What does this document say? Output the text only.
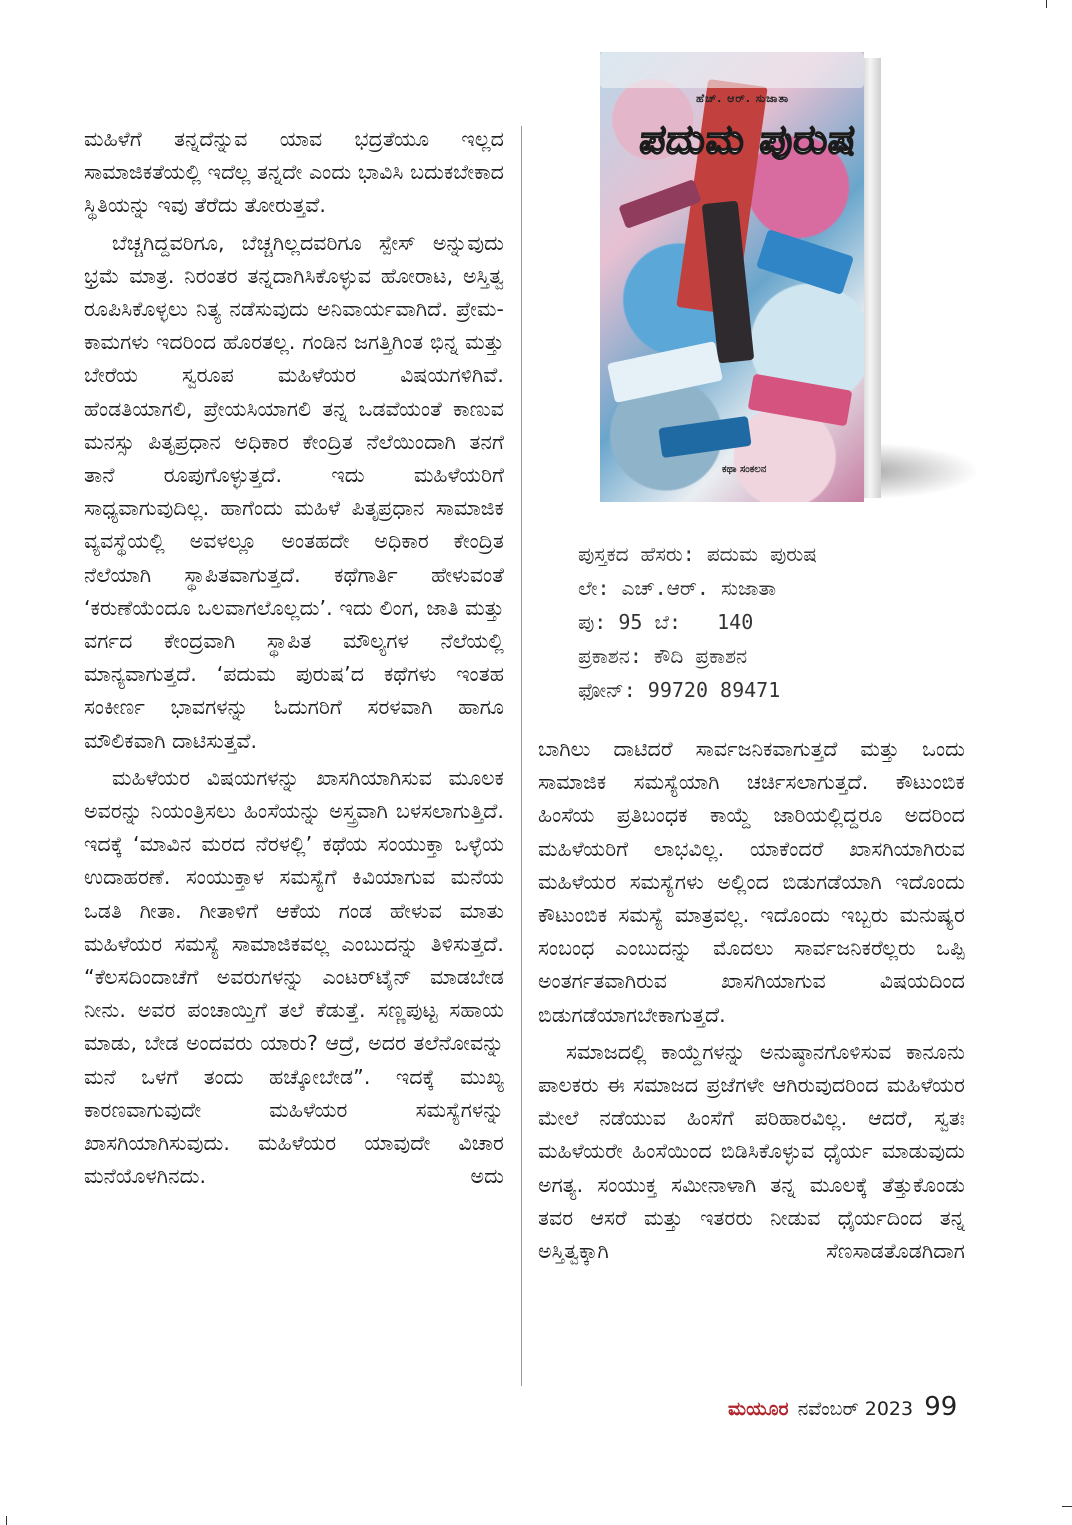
ಮಹಿಳೆಗೆ ತನ್ನದೆನ್ನುವ ಯಾವ ಭದ್ರತೆಯೂ ಇಲ್ಲದ ಸಾಮಾಜಿಕತೆಯಲ್ಲಿ ಇದೆಲ್ಲ ತನ್ನದೇ ಎಂದು ಭಾವಿಸಿ ಬದುಕಬೇಕಾದ ಸ್ಥಿತಿಯನ್ನು ಇವು ತೆರೆದು ತೋರುತ್ತವೆ.

ಬೆಚ್ಚಗಿದ್ದವರಿಗೂ, ಬೆಚ್ಚಗಿಲ್ಲದವರಿಗೂ ಸ್ಪೇಸ್ ಅನ್ನುವುದು ಭ್ರಮೆ ಮಾತ್ರ. ನಿರಂತರ ತನ್ನದಾಗಿಸಿಕೊಳ್ಳುವ ಹೋರಾಟ, ಅಸ್ತಿತ್ವ ರೂಪಿಸಿಕೊಳ್ಳಲು ನಿತ್ಯ ನಡೆಸುವುದು ಅನಿವಾರ್ಯವಾಗಿದೆ. ಪ್ರೇಮ-ಕಾಮಗಳು ಇದರಿಂದ ಹೊರತಲ್ಲ. ಗಂಡಿನ ಜಗತ್ತಿಗಿಂತ ಭಿನ್ನ ಮತ್ತು ಬೇರೆಯ ಸ್ವರೂಪ ಮಹಿಳೆಯರ ವಿಷಯಗಳಿಗಿವೆ. ಹೆಂಡತಿಯಾಗಲಿ, ಪ್ರೇಯಸಿಯಾಗಲಿ ತನ್ನ ಒಡವೆಯಂತೆ ಕಾಣುವ ಮನಸ್ಸು ಪಿತೃಪ್ರಧಾನ ಅಧಿಕಾರ ಕೇಂದ್ರಿತ ನೆಲೆಯಿಂದಾಗಿ ತನಗೆ ತಾನೆ ರೂಪುಗೊಳ್ಳುತ್ತದೆ. ಇದು ಮಹಿಳೆಯರಿಗೆ ಸಾಧ್ಯವಾಗುವುದಿಲ್ಲ. ಹಾಗೆಂದು ಮಹಿಳೆ ಪಿತೃಪ್ರಧಾನ ಸಾಮಾಜಿಕ ವ್ಯವಸ್ಥೆಯಲ್ಲಿ ಅವಳಲ್ಲೂ ಅಂತಹದೇ ಅಧಿಕಾರ ಕೇಂದ್ರಿತ ನೆಲೆಯಾಗಿ ಸ್ಥಾಪಿತವಾಗುತ್ತದೆ. ಕಥೆಗಾರ್ತಿ ಹೇಳುವಂತೆ ‘ಕರುಣೆಯೆಂದೂ ಒಲವಾಗಲೊಲ್ಲದು’. ಇದು ಲಿಂಗ, ಜಾತಿ ಮತ್ತು ವರ್ಗದ ಕೇಂದ್ರವಾಗಿ ಸ್ಥಾಪಿತ ಮೌಲ್ಯಗಳ ನೆಲೆಯಲ್ಲಿ ಮಾನ್ಯವಾಗುತ್ತದೆ. ‘ಪದುಮ ಪುರುಷ’ದ ಕಥೆಗಳು ಇಂತಹ ಸಂಕೀರ್ಣ ಭಾವಗಳನ್ನು ಓದುಗರಿಗೆ ಸರಳವಾಗಿ ಹಾಗೂ ಮೌಲಿಕವಾಗಿ ದಾಟಿಸುತ್ತವೆ.

ಮಹಿಳೆಯರ ವಿಷಯಗಳನ್ನು ಖಾಸಗಿಯಾಗಿಸುವ ಮೂಲಕ ಅವರನ್ನು ನಿಯಂತ್ರಿಸಲು ಹಿಂಸೆಯನ್ನು ಅಸ್ತ್ರವಾಗಿ ಬಳಸಲಾಗುತ್ತಿದೆ. ಇದಕ್ಕೆ ‘ಮಾವಿನ ಮರದ ನೆರಳಲ್ಲಿ’ ಕಥೆಯ ಸಂಯುಕ್ತಾ ಒಳ್ಳೆಯ ಉದಾಹರಣೆ. ಸಂಯುಕ್ತಾಳ ಸಮಸ್ಯೆಗೆ ಕಿವಿಯಾಗುವ ಮನೆಯ ಒಡತಿ ಗೀತಾ. ಗೀತಾಳಿಗೆ ಆಕೆಯ ಗಂಡ ಹೇಳುವ ಮಾತು ಮಹಿಳೆಯರ ಸಮಸ್ಯೆ ಸಾಮಾಜಿಕವಲ್ಲ ಎಂಬುದನ್ನು ತಿಳಿಸುತ್ತದೆ. “ಕೆಲಸದಿಂದಾಚೆಗೆ ಅವರುಗಳನ್ನು ಎಂಟರ್‌ಟೈನ್ ಮಾಡಬೇಡ ನೀನು. ಅವರ ಪಂಚಾಯ್ತಿಗೆ ತಲೆ ಕೆಡುತ್ತೆ. ಸಣ್ಣಪುಟ್ಟ ಸಹಾಯ ಮಾಡು, ಬೇಡ ಅಂದವರು ಯಾರು? ಆದ್ರೆ, ಅದರ ತಲೆನೋವನ್ನು ಮನೆ ಒಳಗೆ ತಂದು ಹಚ್ಕೋಬೇಡ”. ಇದಕ್ಕೆ ಮುಖ್ಯ ಕಾರಣವಾಗುವುದೇ ಮಹಿಳೆಯರ ಸಮಸ್ಯೆಗಳನ್ನು ಖಾಸಗಿಯಾಗಿಸುವುದು. ಮಹಿಳೆಯರ ಯಾವುದೇ ವಿಚಾರ ಮನೆಯೊಳಗಿನದು. ಅದು

ಹೆಚ್. ಆರ್. ಸುಜಾತಾ
ಪದುಮ ಪುರುಷ
ಕಥಾ ಸಂಕಲನ
ಪುಸ್ತಕದ ಹೆಸರು: ಪದುಮ ಪುರುಷ
ಲೇ: ಎಚ್.ಆರ್. ಸುಜಾತಾ
ಪು: 95 ಬೆ:   140
ಪ್ರಕಾಶನ: ಕೌದಿ ಪ್ರಕಾಶನ
ಫೋನ್: 99720 89471

ಬಾಗಿಲು ದಾಟಿದರೆ ಸಾರ್ವಜನಿಕವಾಗುತ್ತದೆ ಮತ್ತು ಒಂದು ಸಾಮಾಜಿಕ ಸಮಸ್ಯೆಯಾಗಿ ಚರ್ಚಿಸಲಾಗುತ್ತದೆ. ಕೌಟುಂಬಿಕ ಹಿಂಸೆಯ ಪ್ರತಿಬಂಧಕ ಕಾಯ್ದೆ ಜಾರಿಯಲ್ಲಿದ್ದರೂ ಅದರಿಂದ ಮಹಿಳೆಯರಿಗೆ ಲಾಭವಿಲ್ಲ. ಯಾಕೆಂದರೆ ಖಾಸಗಿಯಾಗಿರುವ ಮಹಿಳೆಯರ ಸಮಸ್ಯೆಗಳು ಅಲ್ಲಿಂದ ಬಿಡುಗಡೆಯಾಗಿ ಇದೊಂದು ಕೌಟುಂಬಿಕ ಸಮಸ್ಯೆ ಮಾತ್ರವಲ್ಲ. ಇದೊಂದು ಇಬ್ಬರು ಮನುಷ್ಯರ ಸಂಬಂಧ ಎಂಬುದನ್ನು ಮೊದಲು ಸಾರ್ವಜನಿಕರೆಲ್ಲರು ಒಪ್ಪಿ ಅಂತರ್ಗತವಾಗಿರುವ ಖಾಸಗಿಯಾಗುವ ವಿಷಯದಿಂದ ಬಿಡುಗಡೆಯಾಗಬೇಕಾಗುತ್ತದೆ.

ಸಮಾಜದಲ್ಲಿ ಕಾಯ್ದೆಗಳನ್ನು ಅನುಷ್ಠಾನಗೊಳಿಸುವ ಕಾನೂನು ಪಾಲಕರು ಈ ಸಮಾಜದ ಪ್ರಜೆಗಳೇ ಆಗಿರುವುದರಿಂದ ಮಹಿಳೆಯರ ಮೇಲೆ ನಡೆಯುವ ಹಿಂಸೆಗೆ ಪರಿಹಾರವಿಲ್ಲ. ಆದರೆ, ಸ್ವತಃ ಮಹಿಳೆಯರೇ ಹಿಂಸೆಯಿಂದ ಬಿಡಿಸಿಕೊಳ್ಳುವ ಧೈರ್ಯ ಮಾಡುವುದು ಅಗತ್ಯ. ಸಂಯುಕ್ತ ಸಮೀನಾಳಾಗಿ ತನ್ನ ಮೂಲಕ್ಕೆ ತೆತ್ತುಕೊಂಡು ತವರ ಆಸರೆ ಮತ್ತು ಇತರರು ನೀಡುವ ಧೈರ್ಯದಿಂದ ತನ್ನ ಅಸ್ತಿತ್ವಕ್ಕಾಗಿ ಸೆಣಸಾಡತೊಡಗಿದಾಗ

ಮಯೂರ ನವೆಂಬರ್ 2023 99
